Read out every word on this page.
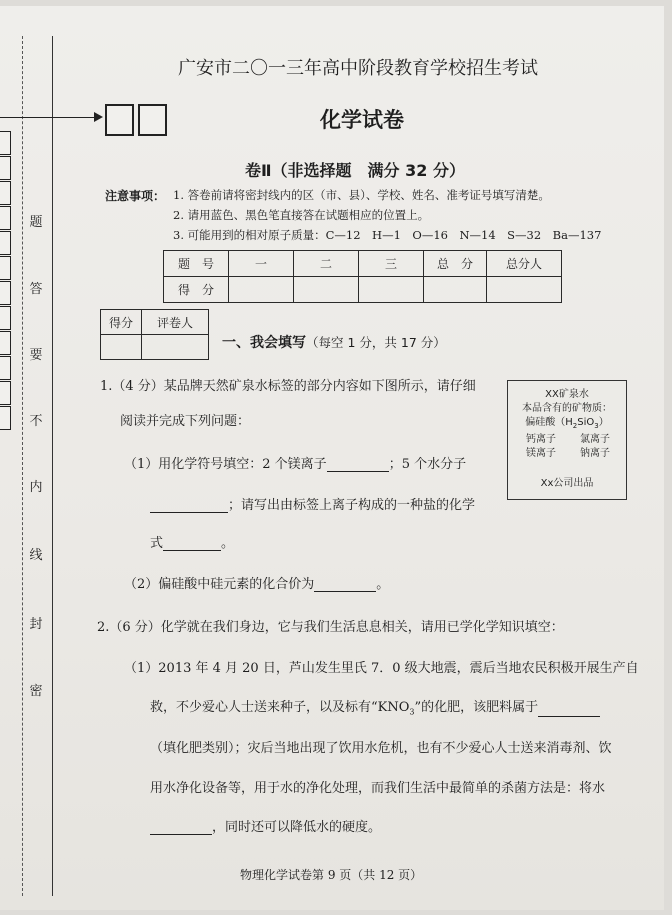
题
答
要
不
内
线
封
密
广安市二〇一三年高中阶段教育学校招生考试
化学试卷
卷Ⅱ（非选择题　满分 32 分）
注意事项： 1. 答卷前请将密封线内的区（市、县）、学校、姓名、准考证号填写清楚。
2. 请用蓝色、黑色笔直接答在试题相应的位置上。
3. 可能用到的相对原子质量：C—12　H—1　O—16　N—14　S—32　Ba—137
题　号	一	二	三	总　分	总分人
得　分					
得分	评卷人

一、我会填写（每空 1 分，共 17 分）
1.（4 分）某品牌天然矿泉水标签的部分内容如下图所示，请仔细
阅读并完成下列问题：
（1）用化学符号填空：2 个镁离子	；5 个水分子
；请写出由标签上离子构成的一种盐的化学
式	。
（2）偏硅酸中硅元素的化合价为	。
XX矿泉水
本品含有的矿物质：
偏硅酸$(H_2SiO_3)$
钙离子	氯离子
镁离子	钠离子
Xx公司出品
2.（6 分）化学就在我们身边，它与我们生活息息相关，请用已学化学知识填空：
（1）2013 年 4 月 20 日，芦山发生里氏 7．0 级大地震，震后当地农民积极开展生产自
救，不少爱心人士送来种子，以及标有“$KNO_3$”的化肥，该肥料属于
（填化肥类别）；灾后当地出现了饮用水危机，也有不少爱心人士送来消毒剂、饮
用水净化设备等，用于水的净化处理，而我们生活中最简单的杀菌方法是：将水
，同时还可以降低水的硬度。
物理化学试卷第 9 页（共 12 页）
